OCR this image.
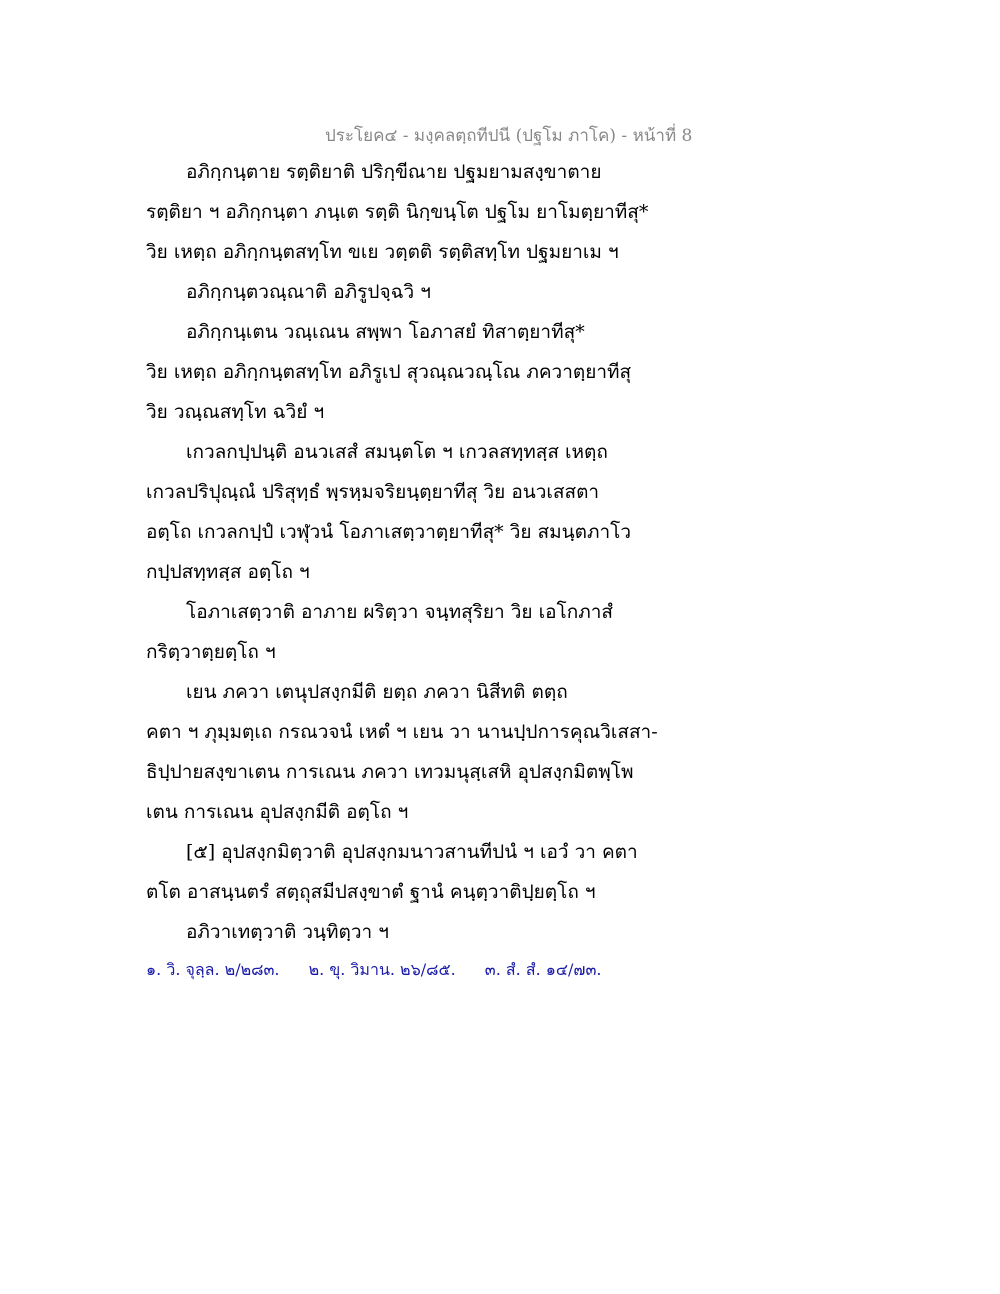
ประโยค๔ - มงฺคลตฺถทีปนี (ปฐโม ภาโค) - หน้าที่ 8
อภิกฺกนฺตาย รตฺติยาติ ปริกฺขีณาย ปฐมยามสงฺขาตาย
รตฺติยา ฯ อภิกฺกนฺตา ภนฺเต รตฺติ นิกฺขนฺโต ปฐโม ยาโมตฺยาทีสุ*
วิย เหตฺถ อภิกฺกนฺตสทฺโท ขเย วตฺตติ รตฺติสทฺโท ปฐมยาเม ฯ
อภิกฺกนฺตวณฺณาติ อภิรูปจฺฉวิ ฯ
อภิกฺกนฺเตน วณฺเณน สพฺพา โอภาสยํ ทิสาตฺยาทีสุ*
วิย เหตฺถ อภิกฺกนฺตสทฺโท อภิรูเป สุวณฺณวณฺโณ ภควาตฺยาทีสุ
วิย วณฺณสทฺโท ฉวิยํ ฯ
เกวลกปฺปนฺติ อนวเสสํ สมนฺตโต ฯ เกวลสทฺทสฺส เหตฺถ
เกวลปริปุณฺณํ ปริสุทฺธํ พฺรหฺมจริยนฺตฺยาทีสุ วิย อนวเสสตา
อตฺโถ เกวลกปฺปํ เวฬุวนํ โอภาเสตฺวาตฺยาทีสุ* วิย สมนฺตภาโว
กปฺปสทฺทสฺส อตฺโถ ฯ
โอภาเสตฺวาติ อาภาย ผริตฺวา จนฺทสุริยา วิย เอโกภาสํ
กริตฺวาตฺยตฺโถ ฯ
เยน ภควา เตนุปสงฺกมีติ ยตฺถ ภควา นิสีทติ ตตฺถ
คตา ฯ ภุมฺมตฺเถ กรณวจนํ เหตํ ฯ เยน วา นานปฺปการคุณวิเสสา-
ธิปฺปายสงฺขาเตน การเณน ภควา เทวมนุสฺเสหิ อุปสงฺกมิตพฺโพ
เตน การเณน อุปสงฺกมีติ อตฺโถ ฯ
[๕] อุปสงฺกมิตฺวาติ อุปสงฺกมนาวสานทีปนํ ฯ เอวํ วา คตา
ตโต อาสนฺนตรํ สตฺถุสมีปสงฺขาตํ ฐานํ คนฺตฺวาติปฺยตฺโถ ฯ
อภิวาเทตฺวาติ วนฺทิตฺวา ฯ
๑. วิ. จุลฺล. ๒/๒๘๓. ๒. ขุ. วิมาน. ๒๖/๘๕. ๓. สํ. สํ. ๑๔/๗๓.
